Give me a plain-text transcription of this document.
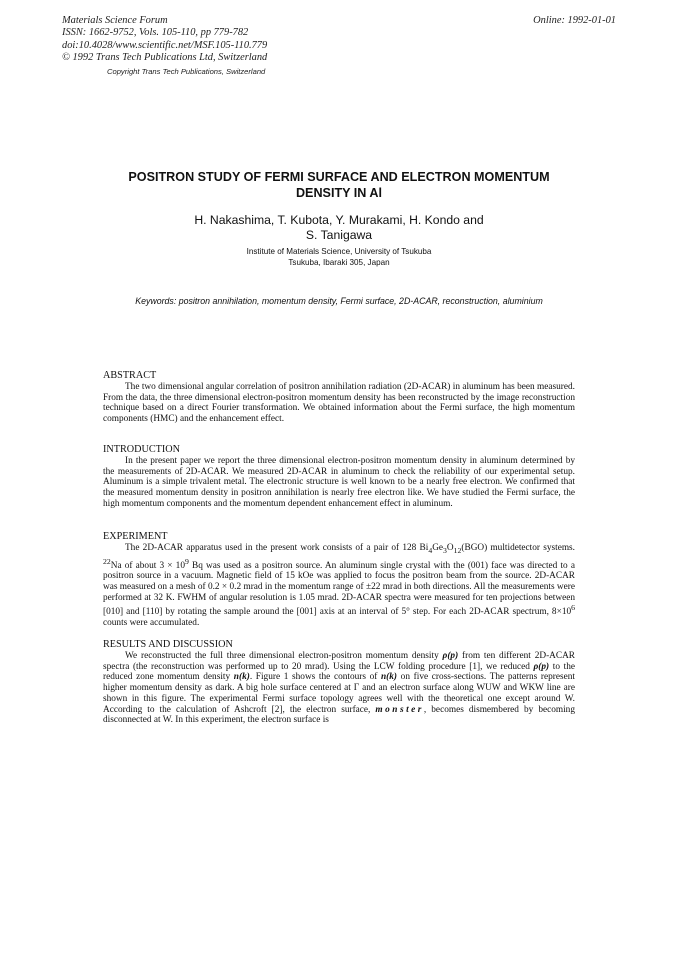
Materials Science Forum
ISSN: 1662-9752, Vols. 105-110, pp 779-782
doi:10.4028/www.scientific.net/MSF.105-110.779
© 1992 Trans Tech Publications Ltd, Switzerland
Online: 1992-01-01
Copyright Trans Tech Publications, Switzerland
POSITRON STUDY OF FERMI SURFACE AND ELECTRON MOMENTUM
DENSITY IN Al
H. Nakashima, T. Kubota, Y. Murakami, H. Kondo and
S. Tanigawa
Institute of Materials Science, University of Tsukuba
Tsukuba, Ibaraki 305, Japan
Keywords: positron annihilation, momentum density, Fermi surface, 2D-ACAR, reconstruction, aluminium
ABSTRACT

The two dimensional angular correlation of positron annihilation radiation (2D-ACAR) in aluminum has been measured. From the data, the three dimensional electron-positron momentum density has been reconstructed by the image reconstruction technique based on a direct Fourier transformation. We obtained information about the Fermi surface, the high momentum components (HMC) and the enhancement effect.

INTRODUCTION

In the present paper we report the three dimensional electron-positron momentum density in aluminum determined by the measurements of 2D-ACAR. We measured 2D-ACAR in aluminum to check the reliability of our experimental setup. Aluminum is a simple trivalent metal. The electronic structure is well known to be a nearly free electron. We confirmed that the measured momentum density in positron annihilation is nearly free electron like. We have studied the Fermi surface, the high momentum components and the momentum dependent enhancement effect in aluminum.

EXPERIMENT

The 2D-ACAR apparatus used in the present work consists of a pair of 128 $Bi_4Ge_3O_{12}(BGO)$ multidetector systems. $^{22}$Na of about $3 \times 10^9$ Bq was used as a positron source. An aluminum single crystal with the (001) face was directed to a positron source in a vacuum. Magnetic field of 15 kOe was applied to focus the positron beam from the source. 2D-ACAR was measured on a mesh of 0.2 × 0.2 mrad in the momentum range of ±22 mrad in both directions. All the measurements were performed at 32 K. FWHM of angular resolution is 1.05 mrad. 2D-ACAR spectra were measured for ten projections between [010] and [110] by rotating the sample around the [001] axis at an interval of 5° step. For each 2D-ACAR spectrum, $8\times 10^6$ counts were accumulated.

RESULTS AND DISCUSSION

We reconstructed the full three dimensional electron-positron momentum density ρ(p) from ten different 2D-ACAR spectra (the reconstruction was performed up to 20 mrad). Using the LCW folding procedure [1], we reduced ρ(p) to the reduced zone momentum density n(k). Figure 1 shows the contours of n(k) on five cross-sections. The patterns represent higher momentum density as dark. A big hole surface centered at Γ and an electron surface along WUW and WKW line are shown in this figure. The experimental Fermi surface topology agrees well with the theoretical one except around W. According to the calculation of Ashcroft [2], the electron surface, monster, becomes dismembered by becoming disconnected at W. In this experiment, the electron surface is
